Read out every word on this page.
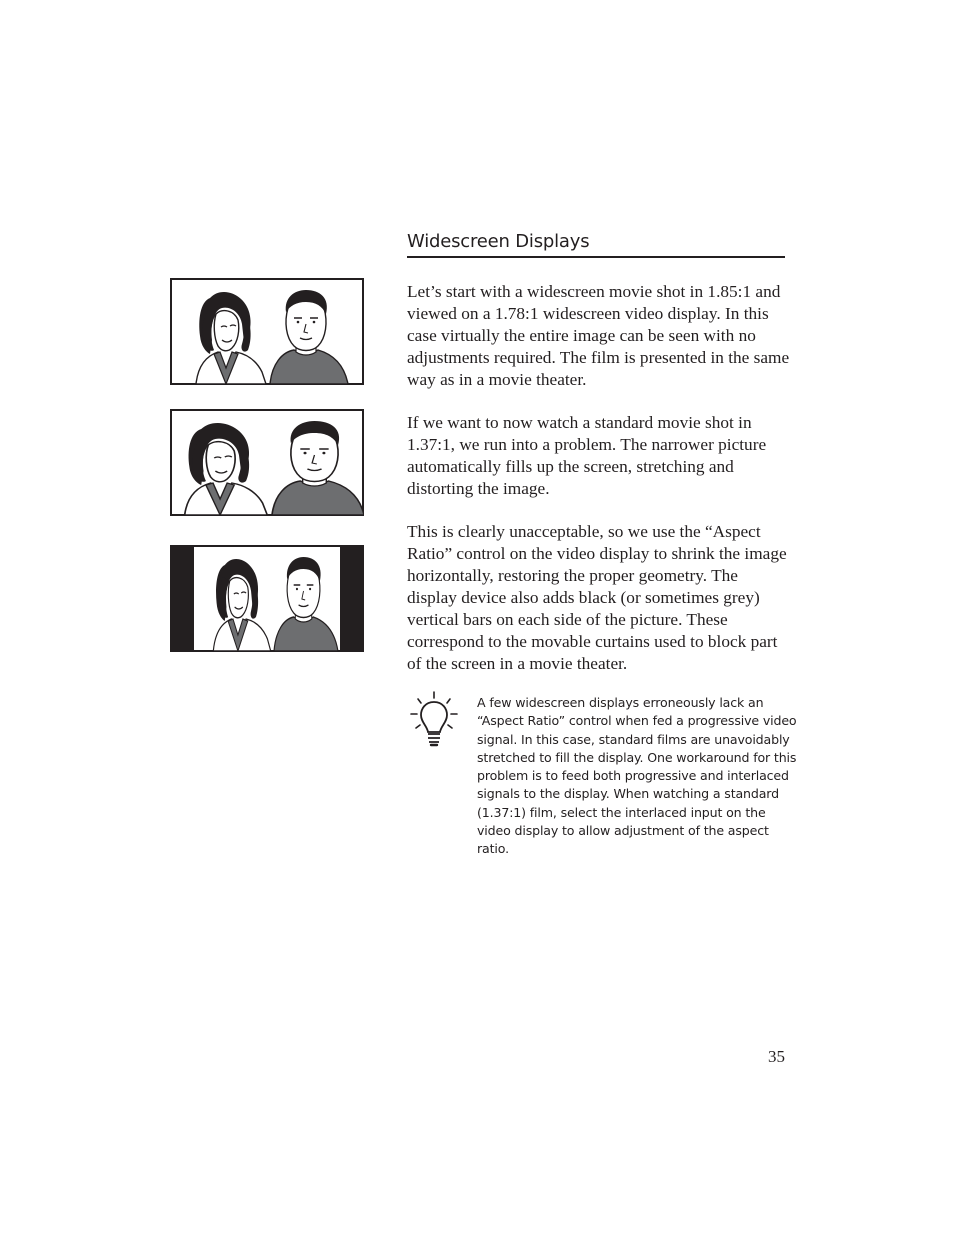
Widescreen Displays

Let’s start with a widescreen movie shot in 1.85:1 and viewed on a 1.78:1 widescreen video display. In this case virtually the entire image can be seen with no adjustments required. The film is presented in the same way as in a movie theater.

If we want to now watch a standard movie shot in 1.37:1, we run into a problem. The narrower picture automatically fills up the screen, stretching and distorting the image.

This is clearly unacceptable, so we use the “Aspect Ratio” control on the video display to shrink the image horizontally, restoring the proper geometry. The display device also adds black (or sometimes grey) vertical bars on each side of the picture. These correspond to the movable curtains used to block part of the screen in a movie theater.

A few widescreen displays erroneously lack an “Aspect Ratio” control when fed a progressive video signal. In this case, standard films are unavoidably stretched to fill the display. One workaround for this problem is to feed both progressive and interlaced signals to the display. When watching a standard (1.37:1) film, select the interlaced input on the video display to allow adjustment of the aspect ratio.

35
